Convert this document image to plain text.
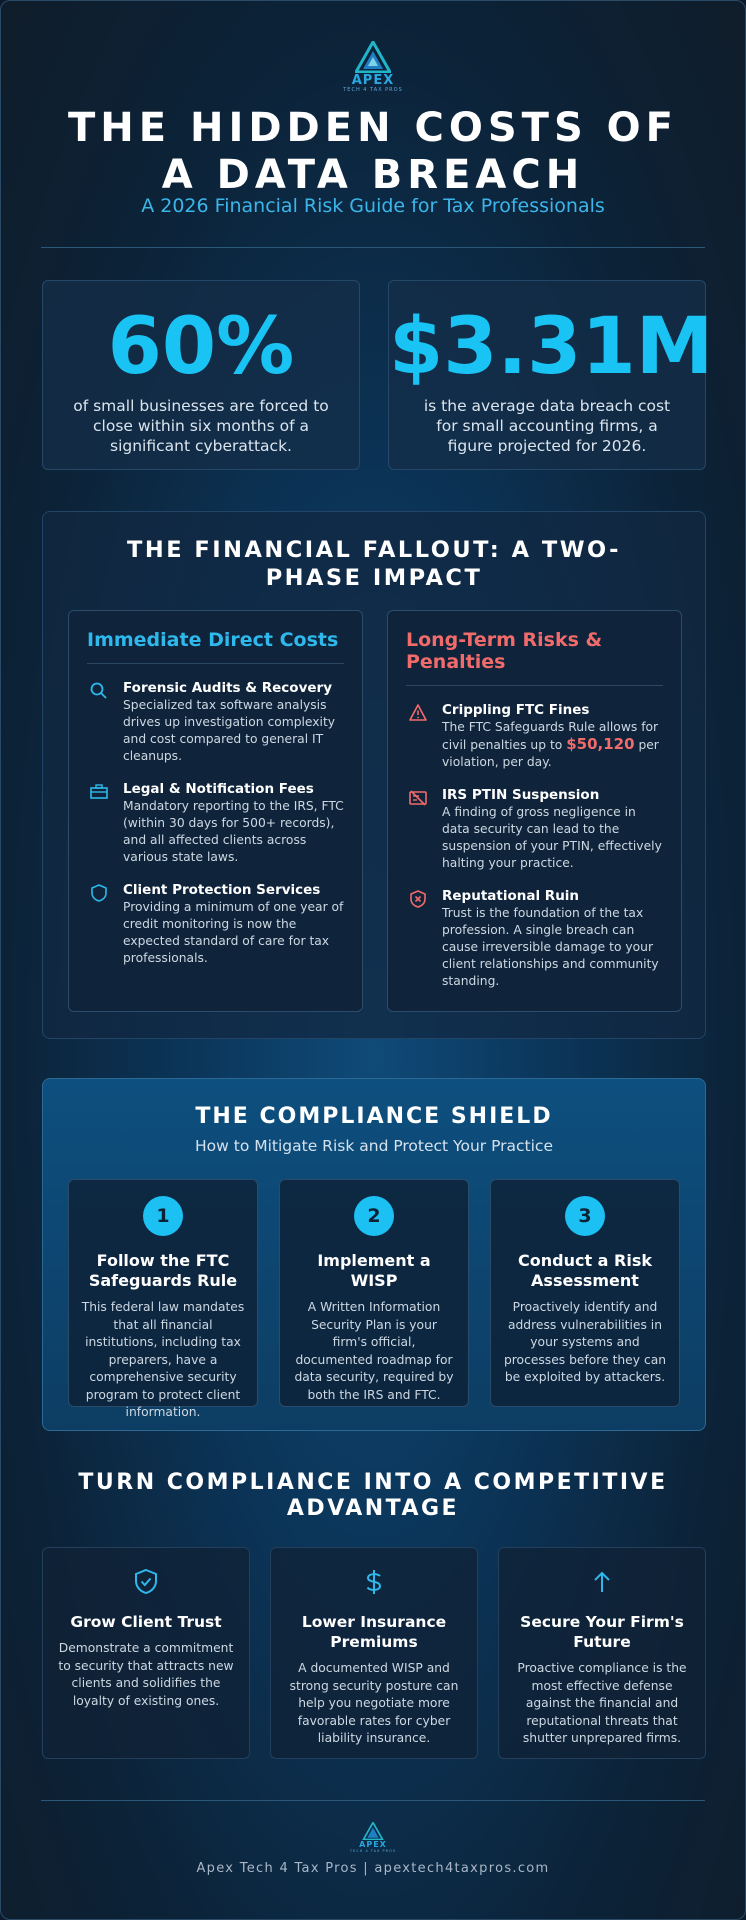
APEX
TECH 4 TAX PROS
THE HIDDEN COSTS OF A DATA BREACH
A 2026 Financial Risk Guide for Tax Professionals
60%
of small businesses are forced to close within six months of a significant cyberattack.
$3.31M
is the average data breach cost for small accounting firms, a figure projected for 2026.
THE FINANCIAL FALLOUT: A TWO-PHASE IMPACT
Immediate Direct Costs
Forensic Audits & Recovery
Specialized tax software analysis drives up investigation complexity and cost compared to general IT cleanups.
Legal & Notification Fees
Mandatory reporting to the IRS, FTC (within 30 days for 500+ records), and all affected clients across various state laws.
Client Protection Services
Providing a minimum of one year of credit monitoring is now the expected standard of care for tax professionals.
Long-Term Risks & Penalties
Crippling FTC Fines
The FTC Safeguards Rule allows for civil penalties up to $50,120 per violation, per day.
IRS PTIN Suspension
A finding of gross negligence in data security can lead to the suspension of your PTIN, effectively halting your practice.
Reputational Ruin
Trust is the foundation of the tax profession. A single breach can cause irreversible damage to your client relationships and community standing.
THE COMPLIANCE SHIELD
How to Mitigate Risk and Protect Your Practice
1
Follow the FTC Safeguards Rule
This federal law mandates that all financial institutions, including tax preparers, have a comprehensive security program to protect client information.
2
Implement a WISP
A Written Information Security Plan is your firm's official, documented roadmap for data security, required by both the IRS and FTC.
3
Conduct a Risk Assessment
Proactively identify and address vulnerabilities in your systems and processes before they can be exploited by attackers.
TURN COMPLIANCE INTO A COMPETITIVE ADVANTAGE
Grow Client Trust
Demonstrate a commitment to security that attracts new clients and solidifies the loyalty of existing ones.
Lower Insurance Premiums
A documented WISP and strong security posture can help you negotiate more favorable rates for cyber liability insurance.
Secure Your Firm's Future
Proactive compliance is the most effective defense against the financial and reputational threats that shutter unprepared firms.
APEX
TECH 4 TAX PROS
Apex Tech 4 Tax Pros | apextech4taxpros.com
